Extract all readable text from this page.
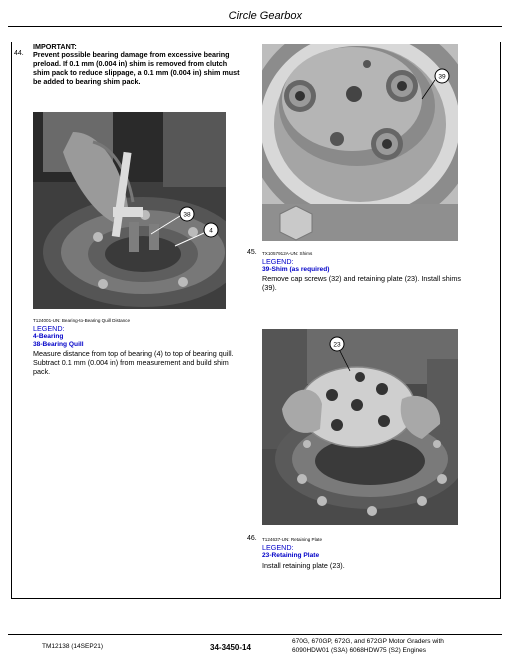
Circle Gearbox
44.
IMPORTANT:
Prevent possible bearing damage from excessive bearing preload. If 0.1 mm (0.004 in) shim is removed from clutch shim pack to reduce slippage, a 0.1 mm (0.004 in) shim must be added to bearing shim pack.
38
4
T124001-UN: Bearing-to-Bearing Quill Distance
LEGEND:
4-Bearing
38-Bearing Quill
Measure distance from top of bearing (4) to top of bearing quill. Subtract 0.1 mm (0.004 in) from measurement and build shim pack.
39
45. TX1057912A-UN: Shims
LEGEND:
39-Shim (as required)
Remove cap screws (32) and retaining plate (23). Install shims (39).
23
46. T124637-UN: Retaining Plate
LEGEND:
23-Retaining Plate
Install retaining plate (23).
TM12138 (14SEP21)	34-3450-14
670G, 670GP, 672G, and 672GP Motor Graders with
6090HDW01 (S3A) 6068HDW75 (S2) Engines
